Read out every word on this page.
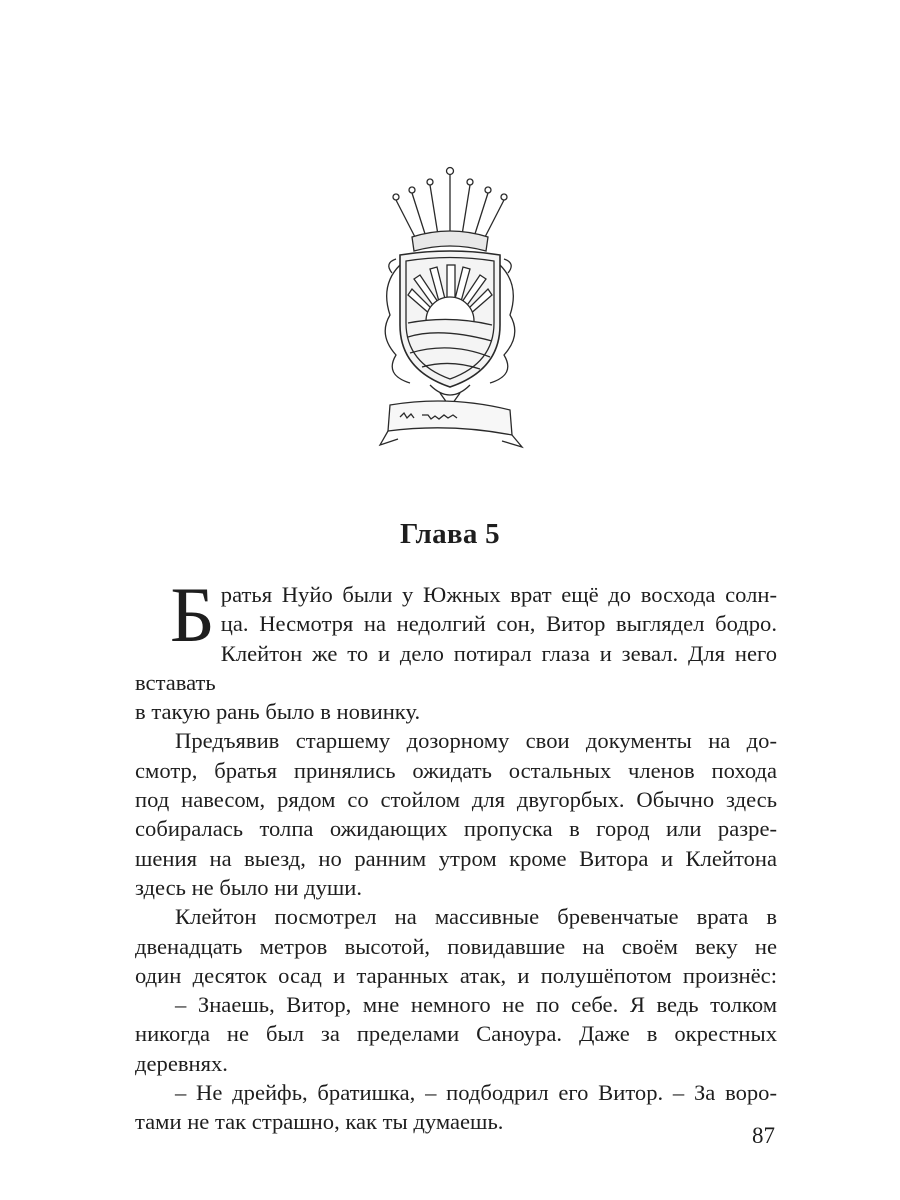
Глава 5

Б ратья Нуйо были у Южных врат ещё до восхода солн-
ца. Несмотря на недолгий сон, Витор выглядел бодро.
Клейтон же то и дело потирал глаза и зевал. Для него вставать
в такую рань было в новинку.

Предъявив старшему дозорному свои документы на до-
смотр, братья принялись ожидать остальных членов похода
под навесом, рядом со стойлом для двугорбых. Обычно здесь
собиралась толпа ожидающих пропуска в город или разре-
шения на выезд, но ранним утром кроме Витора и Клейтона
здесь не было ни души.

Клейтон посмотрел на массивные бревенчатые врата в
двенадцать метров высотой, повидавшие на своём веку не
один десяток осад и таранных атак, и полушёпотом произнёс:

– Знаешь, Витор, мне немного не по себе. Я ведь толком
никогда не был за пределами Саноура. Даже в окрестных
деревнях.

– Не дрейфь, братишка, – подбодрил его Витор. – За воро-
тами не так страшно, как ты думаешь.

87
